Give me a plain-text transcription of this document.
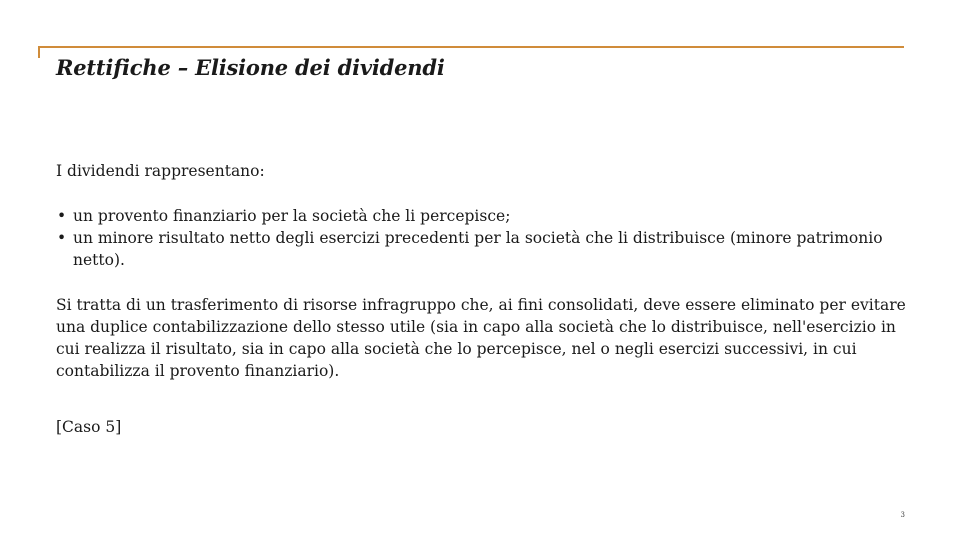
Rettifiche – Elisione dei dividendi

I dividendi rappresentano:

• un provento finanziario per la società che li percepisce;
• un minore risultato netto degli esercizi precedenti per la società che li distribuisce (minore patrimonio netto).

Si tratta di un trasferimento di risorse infragruppo che, ai fini consolidati, deve essere eliminato per evitare una duplice contabilizzazione dello stesso utile (sia in capo alla società che lo distribuisce, nell'esercizio in cui realizza il risultato, sia in capo alla società che lo percepisce, nel o negli esercizi successivi, in cui contabilizza il provento finanziario).

[Caso 5]

3
